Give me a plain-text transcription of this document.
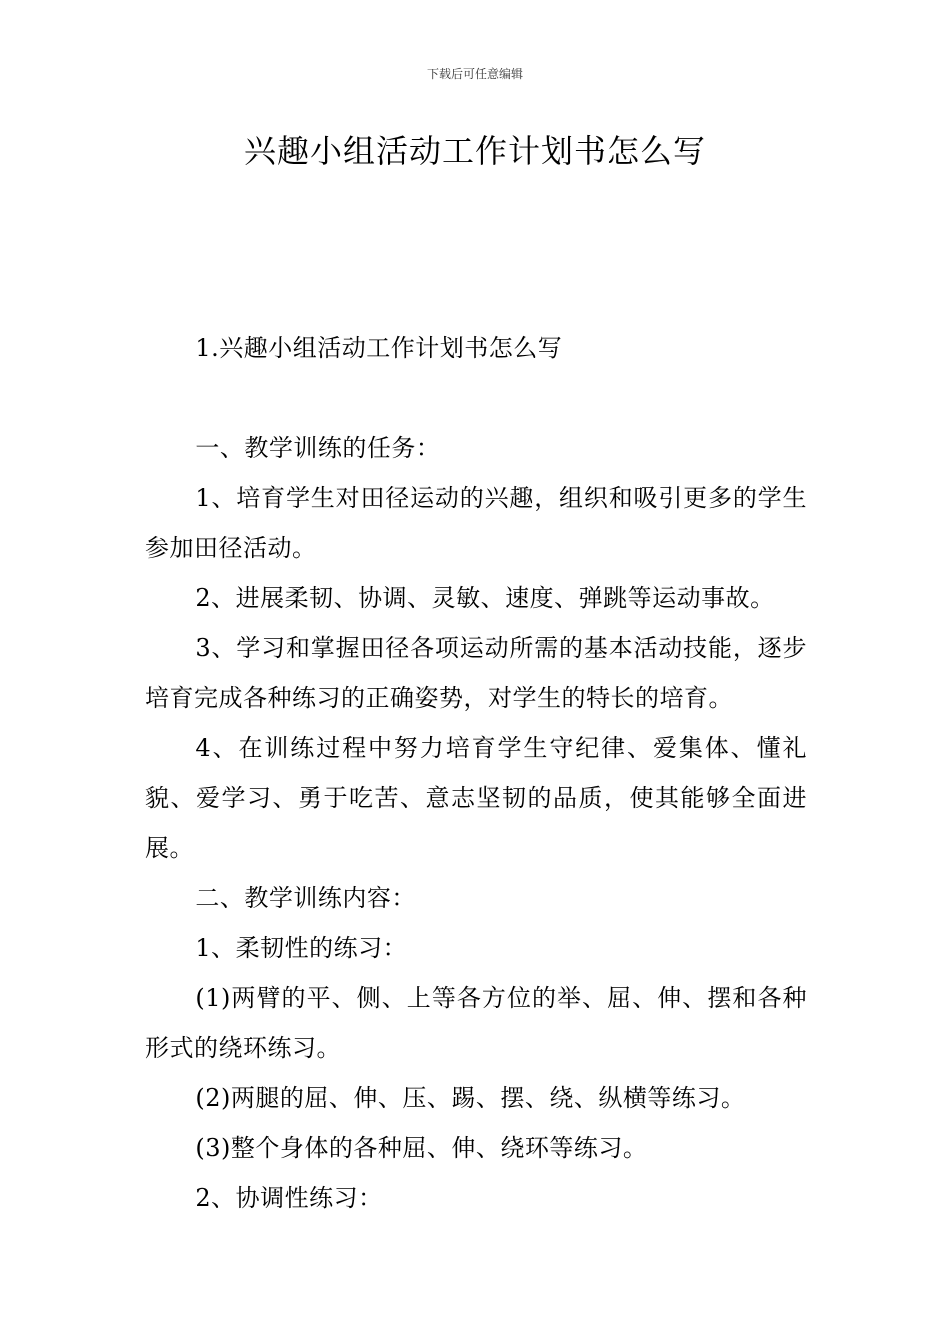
下载后可任意编辑
兴趣小组活动工作计划书怎么写

1.兴趣小组活动工作计划书怎么写

一、教学训练的任务：

1、培育学生对田径运动的兴趣，组织和吸引更多的学生参加田径活动。

2、进展柔韧、协调、灵敏、速度、弹跳等运动事故。

3、学习和掌握田径各项运动所需的基本活动技能，逐步培育完成各种练习的正确姿势，对学生的特长的培育。

4、在训练过程中努力培育学生守纪律、爱集体、懂礼貌、爱学习、勇于吃苦、意志坚韧的品质，使其能够全面进展。

二、教学训练内容：

1、柔韧性的练习：

(1)两臂的平、侧、上等各方位的举、屈、伸、摆和各种形式的绕环练习。

(2)两腿的屈、伸、压、踢、摆、绕、纵横等练习。

(3)整个身体的各种屈、伸、绕环等练习。

2、协调性练习：
